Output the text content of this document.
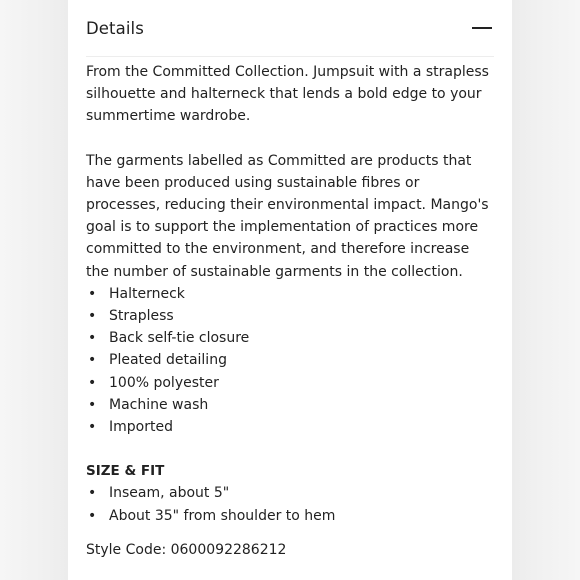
Details

From the Committed Collection. Jumpsuit with a strapless silhouette and halterneck that lends a bold edge to your summertime wardrobe.

The garments labelled as Committed are products that have been produced using sustainable fibres or processes, reducing their environmental impact. Mango's goal is to support the implementation of practices more committed to the environment, and therefore increase the number of sustainable garments in the collection.

• Halterneck
• Strapless
• Back self-tie closure
• Pleated detailing
• 100% polyester
• Machine wash
• Imported

SIZE & FIT

• Inseam, about 5"
• About 35" from shoulder to hem

Style Code: 0600092286212
